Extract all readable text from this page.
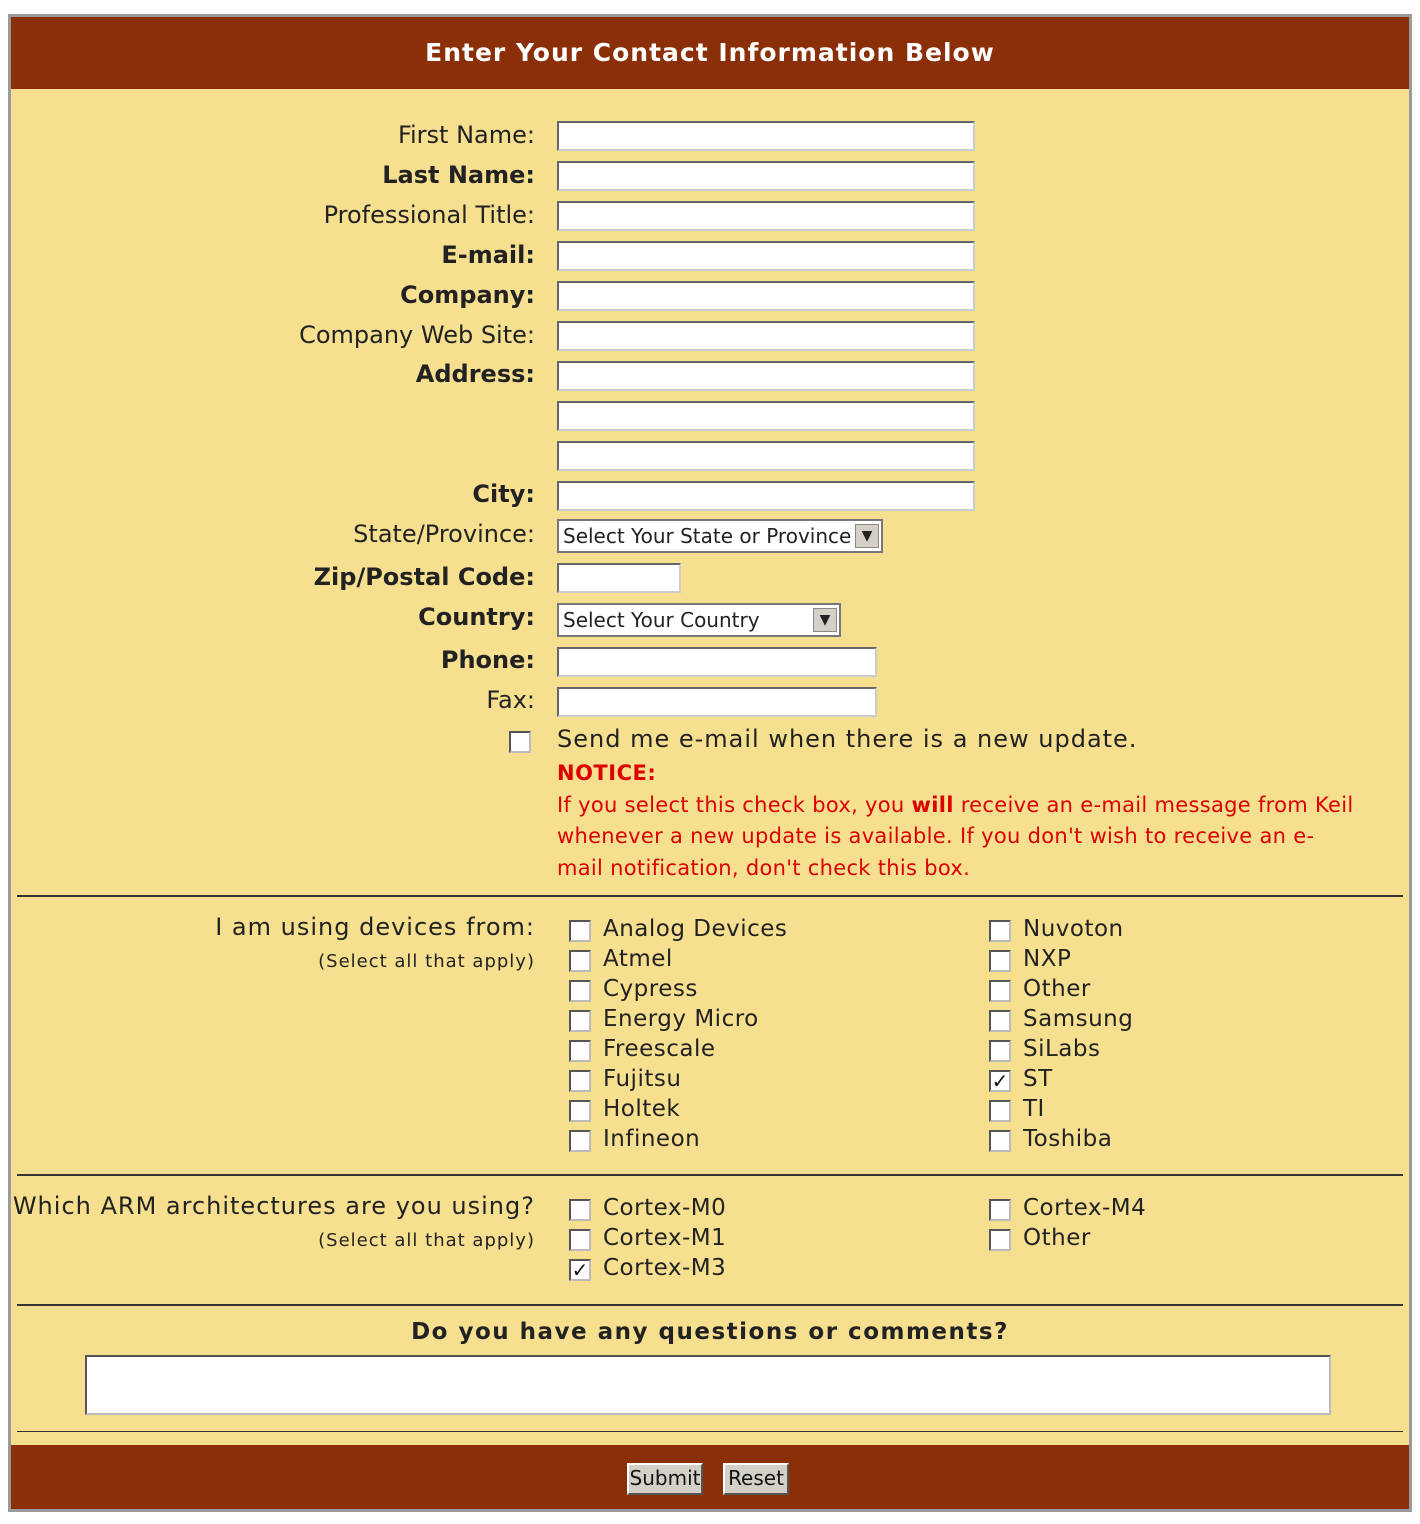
Enter Your Contact Information Below
First Name:
Last Name:
Professional Title:
E-mail:
Company:
Company Web Site:
Address:
City:
State/Province:
Zip/Postal Code:
Country:
Phone:
Fax:
Select Your State or Province ▼
Select Your Country	▼
Send me e-mail when there is a new update.
NOTICE:
If you select this check box, you will receive an e-mail message from Keil
whenever a new update is available. If you don't wish to receive an e-
mail notification, don't check this box.
I am using devices from:
(Select all that apply)
Analog Devices
Atmel
Cypress
Energy Micro
Freescale
Fujitsu
Holtek
Infineon
Nuvoton
NXP
Other
Samsung
SiLabs
✓ ST
TI
Toshiba
Which ARM architectures are you using?
(Select all that apply)
Cortex-M0
Cortex-M1
✓ Cortex-M3
Cortex-M4
Other
Do you have any questions or comments?
Submit Reset
